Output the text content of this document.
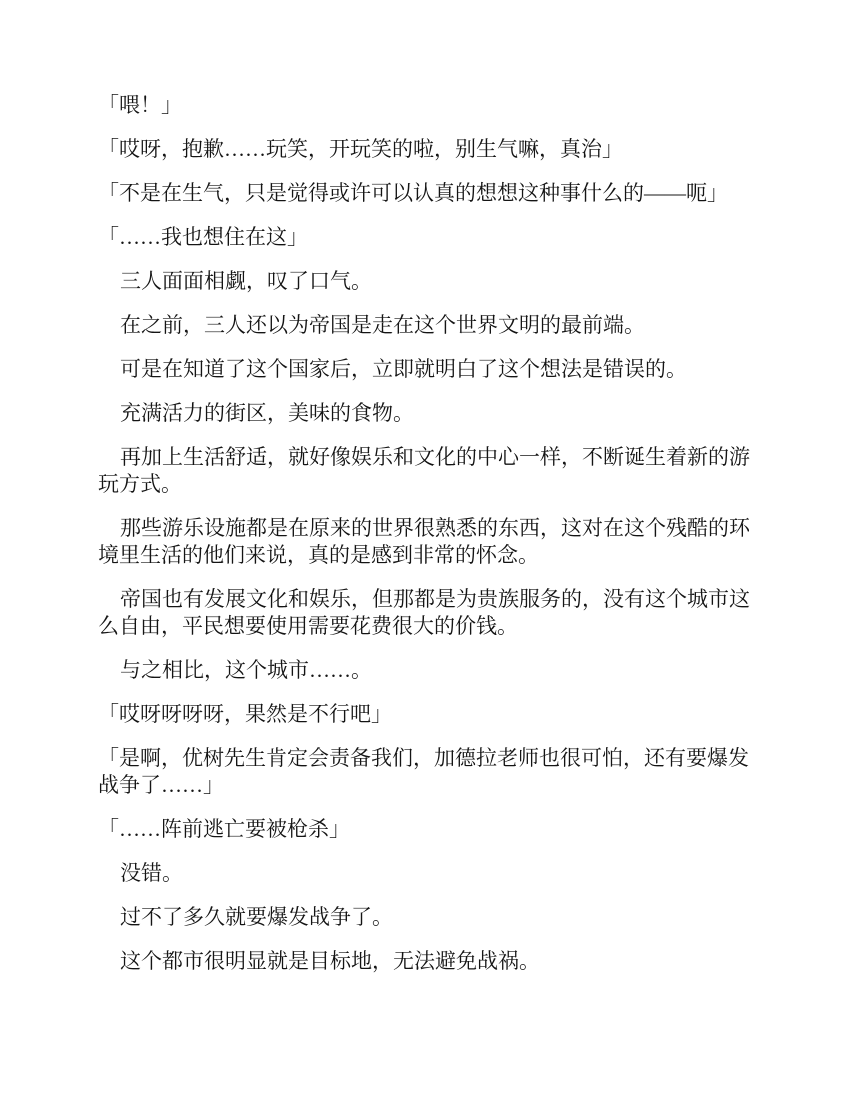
「喂！」

「哎呀，抱歉……玩笑，开玩笑的啦，别生气嘛，真治」

「不是在生气，只是觉得或许可以认真的想想这种事什么的——呃」

「……我也想住在这」

三人面面相觑，叹了口气。

在之前，三人还以为帝国是走在这个世界文明的最前端。

可是在知道了这个国家后，立即就明白了这个想法是错误的。

充满活力的街区，美味的食物。

再加上生活舒适，就好像娱乐和文化的中心一样，不断诞生着新的游玩方式。

那些游乐设施都是在原来的世界很熟悉的东西，这对在这个残酷的环境里生活的他们来说，真的是感到非常的怀念。

帝国也有发展文化和娱乐，但那都是为贵族服务的，没有这个城市这么自由，平民想要使用需要花费很大的价钱。

与之相比，这个城市……。

「哎呀呀呀呀，果然是不行吧」

「是啊，优树先生肯定会责备我们，加德拉老师也很可怕，还有要爆发战争了……」

「……阵前逃亡要被枪杀」

没错。

过不了多久就要爆发战争了。

这个都市很明显就是目标地，无法避免战祸。
